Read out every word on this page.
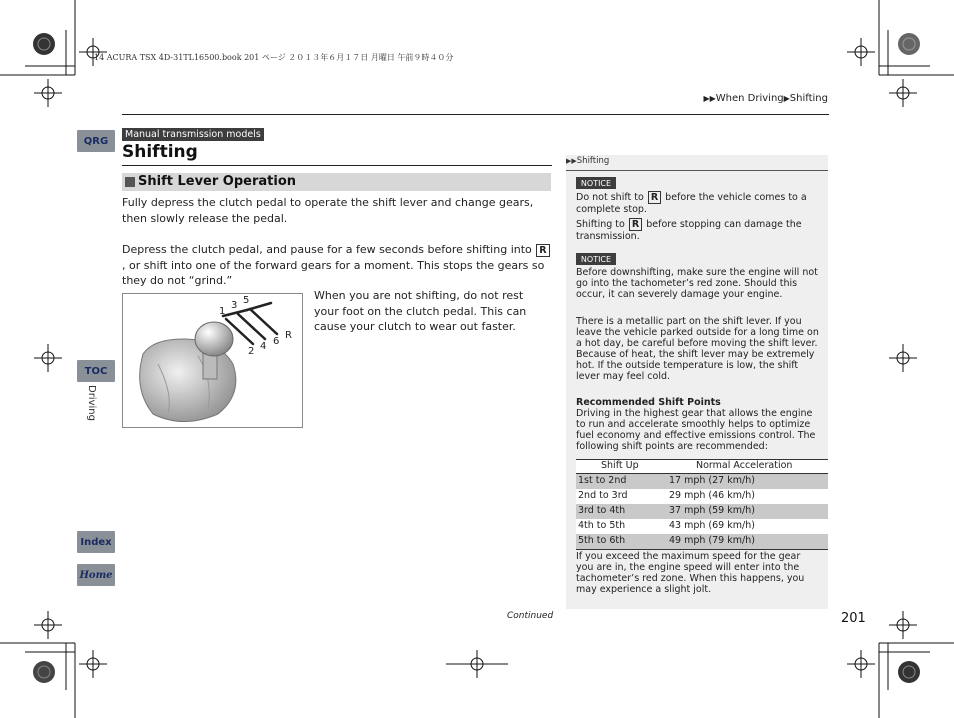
14 ACURA TSX 4D-31TL16500.book 201 ページ ２０１３年６月１７日 月曜日 午前９時４０分
▶▶When Driving▶Shifting
QRG
TOC
Driving
Index
Home
Manual transmission models
Shifting
Shift Lever Operation
Fully depress the clutch pedal to operate the shift lever and change gears, then slowly release the pedal.
Depress the clutch pedal, and pause for a few seconds before shifting into R, or shift into one of the forward gears for a moment. This stops the gears so they do not “grind.”
1
3 5
2 4 6
R
When you are not shifting, do not rest your foot on the clutch pedal. This can cause your clutch to wear out faster.
▶▶Shifting
NOTICE
Do not shift to R before the vehicle comes to a complete stop.
Shifting to R before stopping can damage the transmission.
NOTICE
Before downshifting, make sure the engine will not go into the tachometer’s red zone. Should this occur, it can severely damage your engine.
There is a metallic part on the shift lever. If you leave the vehicle parked outside for a long time on a hot day, be careful before moving the shift lever. Because of heat, the shift lever may be extremely hot. If the outside temperature is low, the shift lever may feel cold.
Recommended Shift Points
Driving in the highest gear that allows the engine to run and accelerate smoothly helps to optimize fuel economy and effective emissions control. The following shift points are recommended:
Shift Up	Normal Acceleration
1st to 2nd	17 mph (27 km/h)
2nd to 3rd	29 mph (46 km/h)
3rd to 4th	37 mph (59 km/h)
4th to 5th	43 mph (69 km/h)
5th to 6th	49 mph (79 km/h)
If you exceed the maximum speed for the gear you are in, the engine speed will enter into the tachometer’s red zone. When this happens, you may experience a slight jolt.
Continued	201
